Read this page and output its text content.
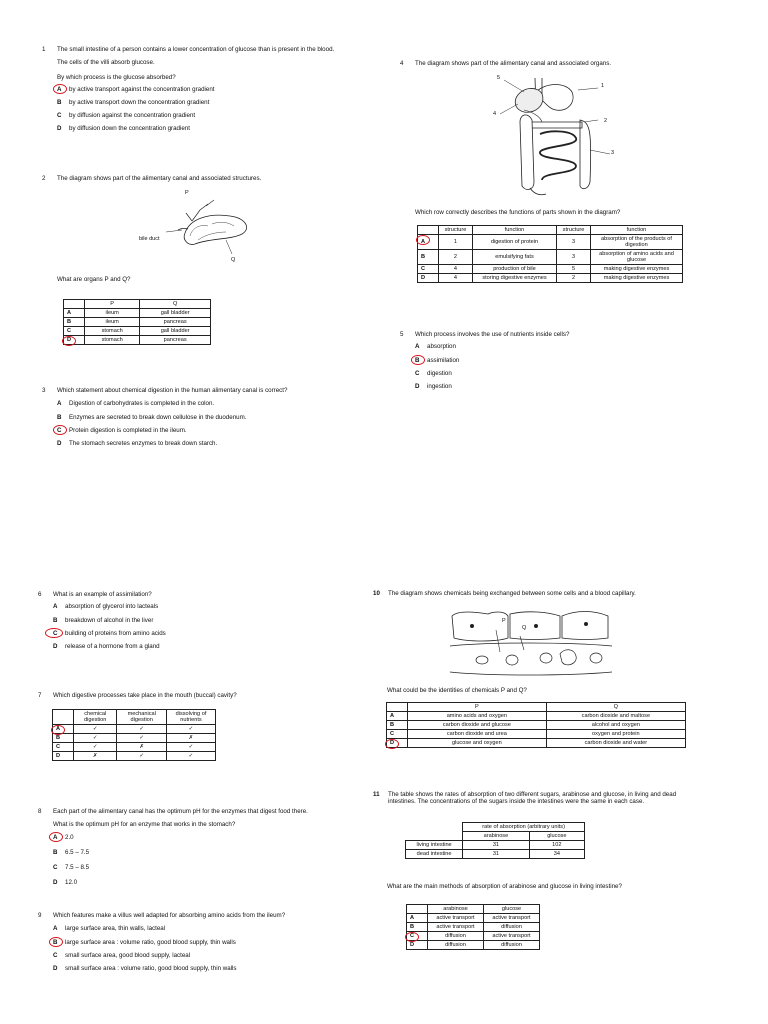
1 The small intestine of a person contains a lower concentration of glucose than is present in the blood.
The cells of the villi absorb glucose.
By which process is the glucose absorbed?
A	by active transport against the concentration gradient
B	by active transport down the concentration gradient
C	by diffusion against the concentration gradient
D	by diffusion down the concentration gradient
2 The diagram shows part of the alimentary canal and associated structures.
P
bile duct
Q
What are organs P and Q?
	P	Q
A	ileum	gall bladder
B	ileum	pancreas
C	stomach	gall bladder

D	stomach	pancreas
3 Which statement about chemical digestion in the human alimentary canal is correct?
A	Digestion of carbohydrates is completed in the colon.
B	Enzymes are secreted to break down cellulose in the duodenum.
C	Protein digestion is completed in the ileum.
D	The stomach secretes enzymes to break down starch.
4 The diagram shows part of the alimentary canal and associated organs.
1
2
3
4
5
Which row correctly describes the functions of parts shown in the diagram?
	structure	function	structure	function

A	1	digestion of protein	3	absorption of the products of digestion
B	2	emulsifying fats	3	absorption of amino acids and glucose
C	4	production of bile	5	making digestive enzymes
D	4	storing digestive enzymes	2	making digestive enzymes
5 Which process involves the use of nutrients inside cells?
A	absorption
B	assimilation
C	digestion
D	ingestion
6 What is an example of assimilation?
A	absorption of glycerol into lacteals
B	breakdown of alcohol in the liver
C	building of proteins from amino acids
D	release of a hormone from a gland
7 Which digestive processes take place in the mouth (buccal) cavity?
	chemical digestion	mechanical digestion	dissolving of nutrients

A	✓	✓	✓
B	✓	✓	✗
C	✓	✗	✓
D	✗	✓	✓
8 Each part of the alimentary canal has the optimum pH for the enzymes that digest food there.
What is the optimum pH for an enzyme that works in the stomach?
A	2.0
B	6.5 – 7.5
C	7.5 – 8.5
D	12.0
9 Which features make a villus well adapted for absorbing amino acids from the ileum?
A	large surface area, thin walls, lacteal
B	large surface area : volume ratio, good blood supply, thin walls
C	small surface area, good blood supply, lacteal
D	small surface area : volume ratio, good blood supply, thin walls
10 The diagram shows chemicals being exchanged between some cells and a blood capillary.
P
Q
What could be the identities of chemicals P and Q?
	P	Q
A	amino acids and oxygen	carbon dioxide and maltose
B	carbon dioxide and glucose	alcohol and oxygen
C	carbon dioxide and urea	oxygen and protein

D	glucose and oxygen	carbon dioxide and water
11 The table shows the rates of absorption of two different sugars, arabinose and glucose, in living and dead intestines. The concentrations of the sugars inside the intestines were the same in each case.
	rate of absorption (arbitrary units)	
	arabinose	glucose
living intestine	31	102
dead intestine	31	34
What are the main methods of absorption of arabinose and glucose in living intestine?
	arabinose	glucose
A	active transport	active transport
B	active transport	diffusion

C	diffusion	active transport
D	diffusion	diffusion
